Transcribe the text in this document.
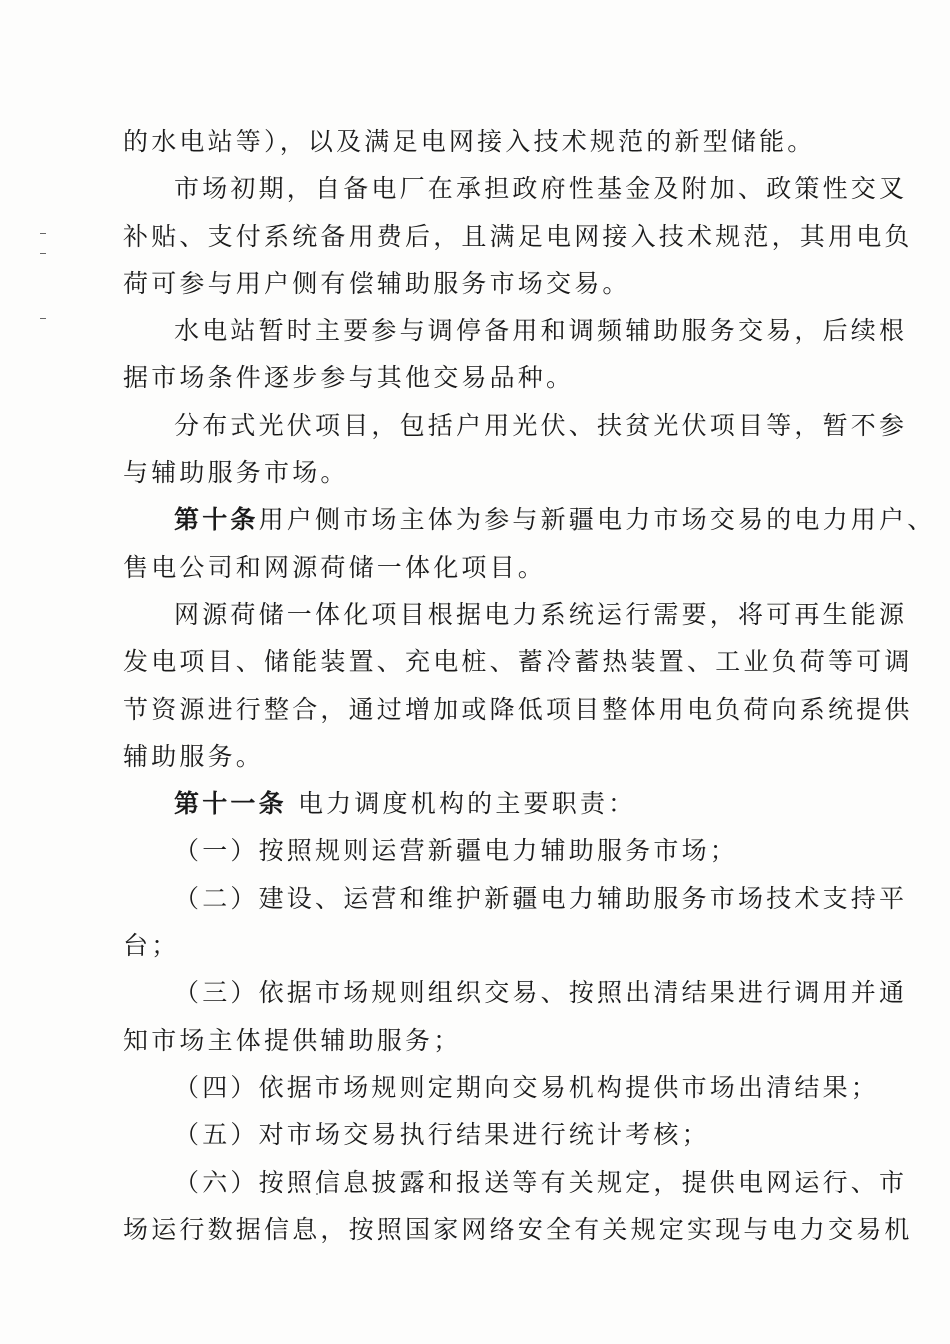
的水电站等），以及满足电网接入技术规范的新型储能。
市场初期，自备电厂在承担政府性基金及附加、政策性交叉
补贴、支付系统备用费后，且满足电网接入技术规范，其用电负
荷可参与用户侧有偿辅助服务市场交易。
水电站暂时主要参与调停备用和调频辅助服务交易，后续根
据市场条件逐步参与其他交易品种。
分布式光伏项目，包括户用光伏、扶贫光伏项目等，暂不参
与辅助服务市场。
第十条用户侧市场主体为参与新疆电力市场交易的电力用户、
售电公司和网源荷储一体化项目。
网源荷储一体化项目根据电力系统运行需要，将可再生能源
发电项目、储能装置、充电桩、蓄冷蓄热装置、工业负荷等可调
节资源进行整合，通过增加或降低项目整体用电负荷向系统提供
辅助服务。
第十一条 电力调度机构的主要职责：
（一）按照规则运营新疆电力辅助服务市场；
（二）建设、运营和维护新疆电力辅助服务市场技术支持平
台；
（三）依据市场规则组织交易、按照出清结果进行调用并通
知市场主体提供辅助服务；
（四）依据市场规则定期向交易机构提供市场出清结果；
（五）对市场交易执行结果进行统计考核；
（六）按照信息披露和报送等有关规定，提供电网运行、市
场运行数据信息，按照国家网络安全有关规定实现与电力交易机
